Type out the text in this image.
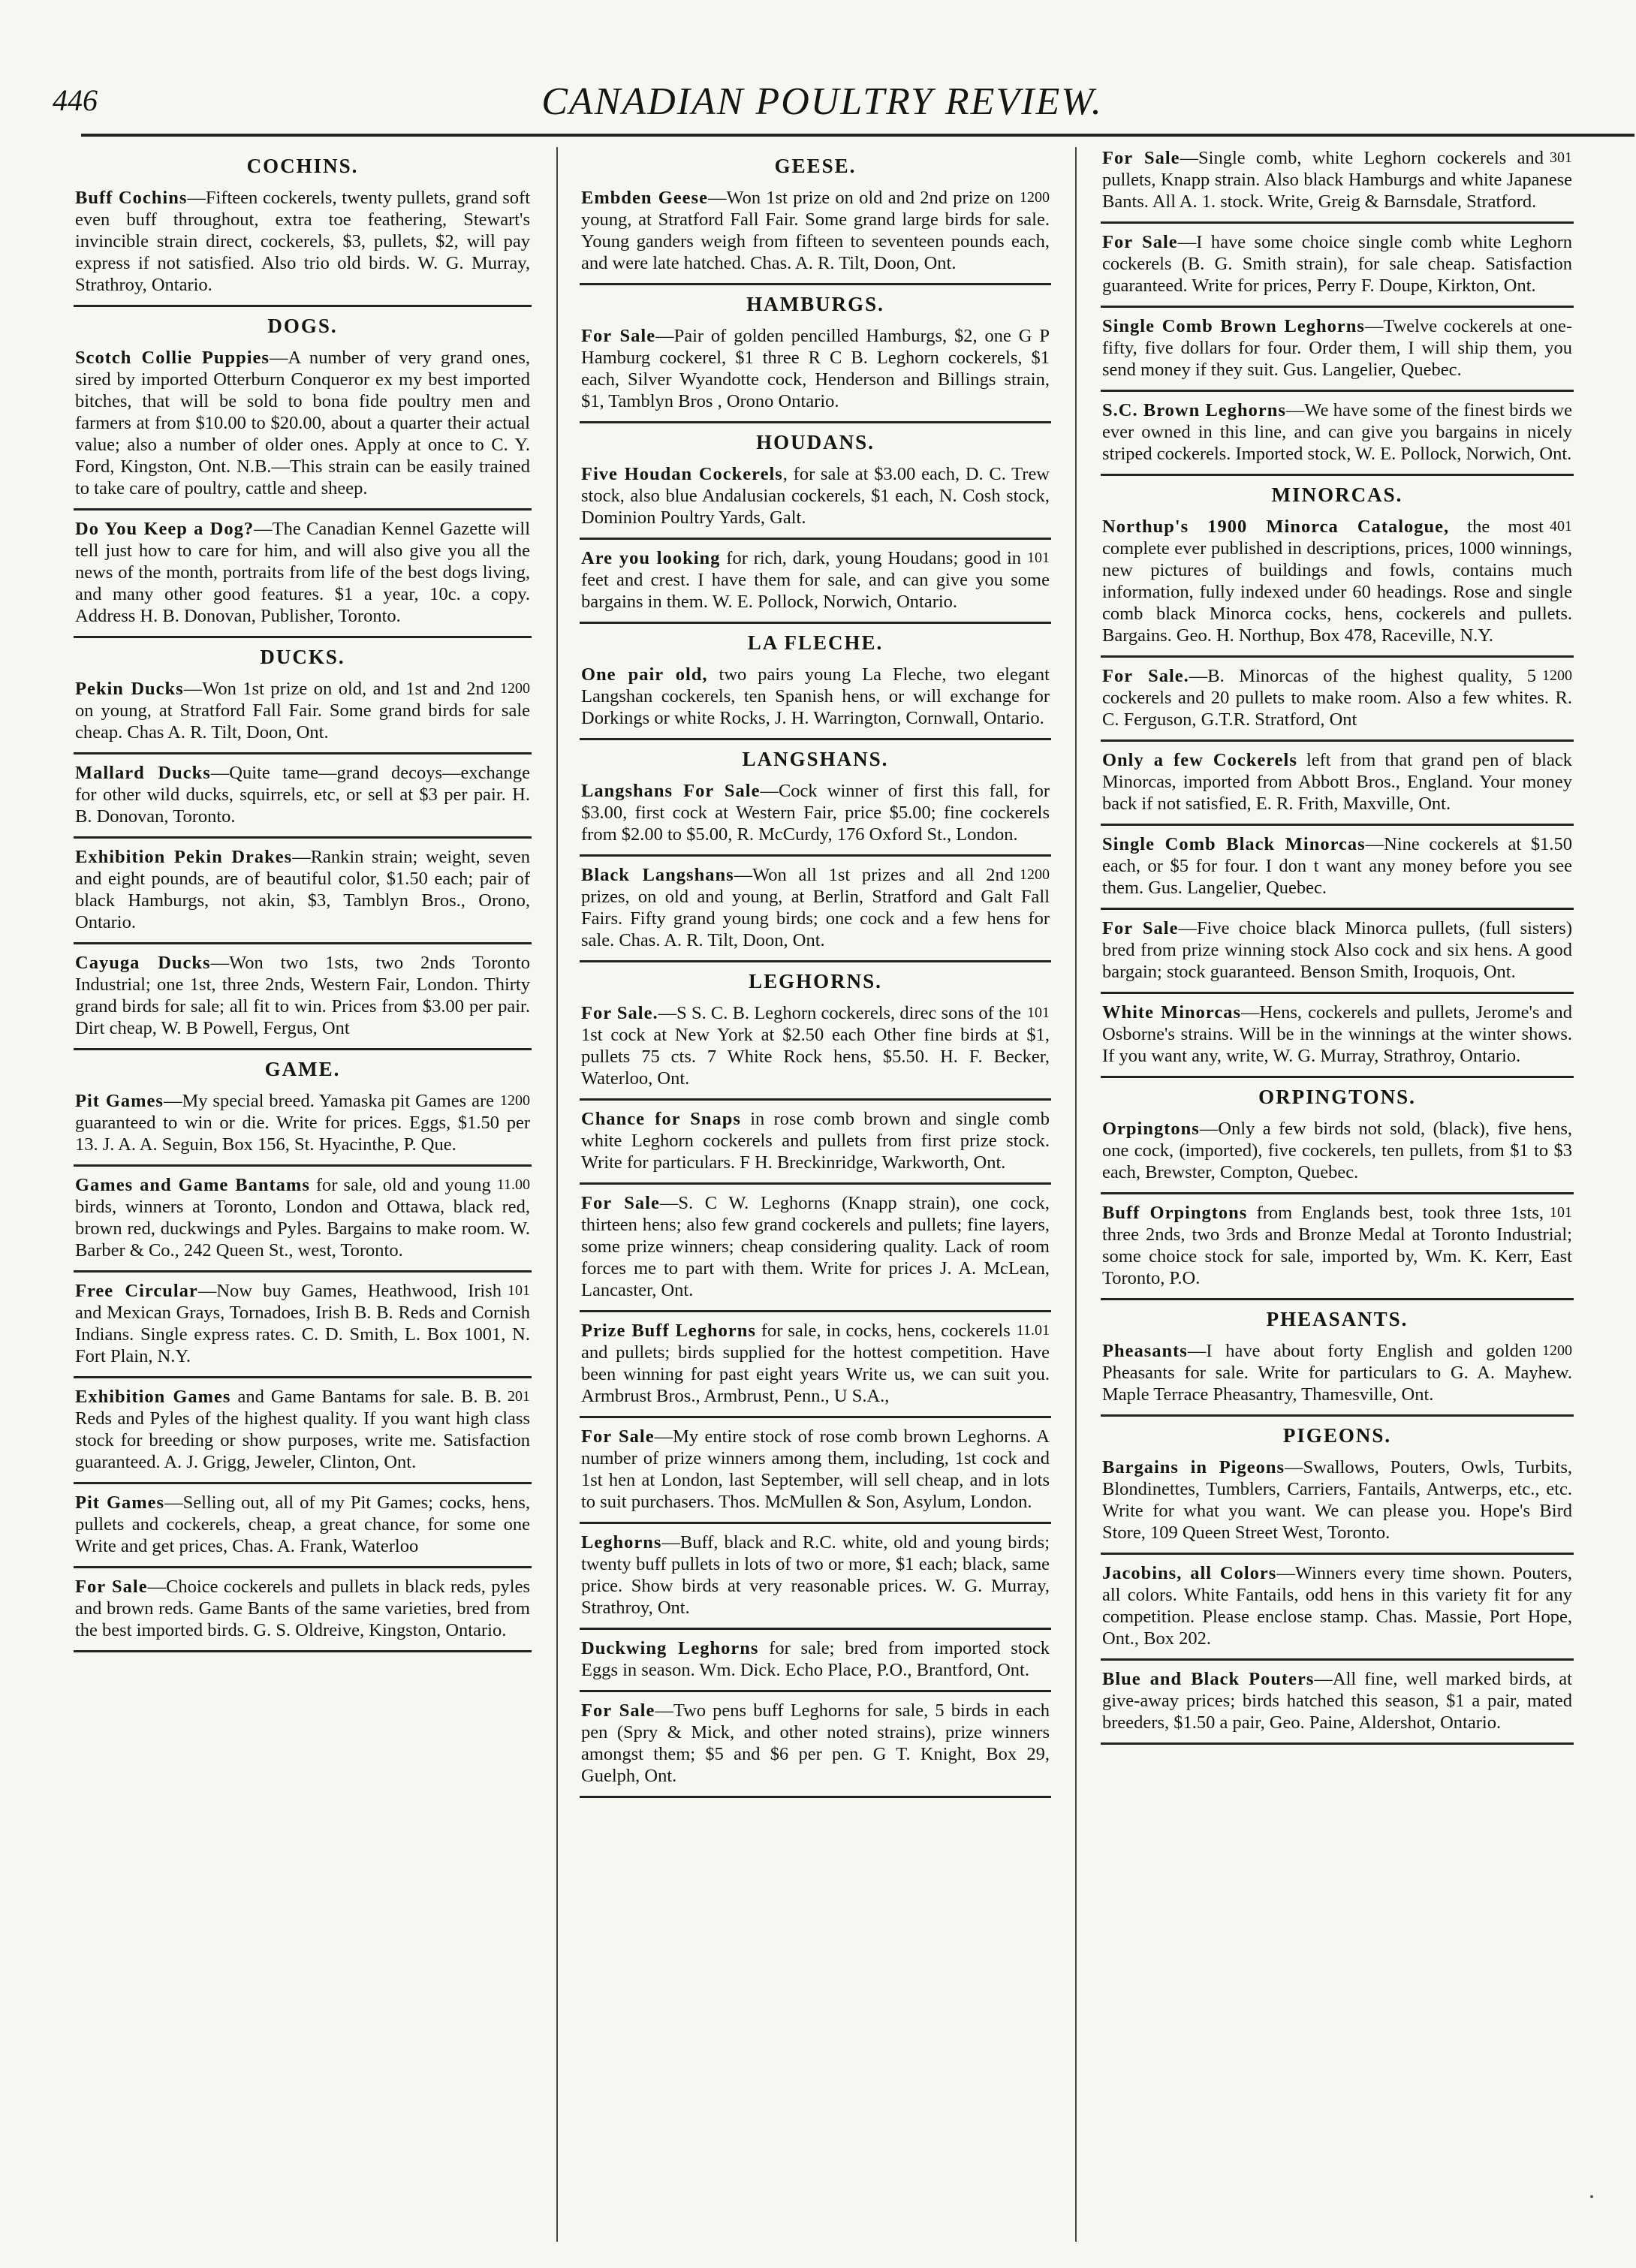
446	CANADIAN POULTRY REVIEW.
COCHINS.
Buff Cochins—Fifteen cockerels, twenty pullets, grand soft even buff throughout, extra toe feathering, Stewart's invincible strain direct, cockerels, $3, pullets, $2, will pay express if not satisfied. Also trio old birds. W. G. Murray, Strathroy, Ontario.
DOGS.
Scotch Collie Puppies—A number of very grand ones, sired by imported Otterburn Conqueror ex my best imported bitches, that will be sold to bona fide poultry men and farmers at from $10.00 to $20.00, about a quarter their actual value; also a number of older ones. Apply at once to C. Y. Ford, Kingston, Ont. N.B.—This strain can be easily trained to take care of poultry, cattle and sheep.
Do You Keep a Dog?—The Canadian Kennel Gazette will tell just how to care for him, and will also give you all the news of the month, portraits from life of the best dogs living, and many other good features. $1 a year, 10c. a copy. Address H. B. Donovan, Publisher, Toronto.
DUCKS.
1200
Pekin Ducks—Won 1st prize on old, and 1st and 2nd on young, at Stratford Fall Fair. Some grand birds for sale cheap. Chas A. R. Tilt, Doon, Ont.
Mallard Ducks—Quite tame—grand decoys—exchange for other wild ducks, squirrels, etc, or sell at $3 per pair. H. B. Donovan, Toronto.
Exhibition Pekin Drakes—Rankin strain; weight, seven and eight pounds, are of beautiful color, $1.50 each; pair of black Hamburgs, not akin, $3, Tamblyn Bros., Orono, Ontario.
Cayuga Ducks—Won two 1sts, two 2nds Toronto Industrial; one 1st, three 2nds, Western Fair, London. Thirty grand birds for sale; all fit to win. Prices from $3.00 per pair. Dirt cheap, W. B Powell, Fergus, Ont
GAME.
1200
Pit Games—My special breed. Yamaska pit Games are guaranteed to win or die. Write for prices. Eggs, $1.50 per 13. J. A. A. Seguin, Box 156, St. Hyacinthe, P. Que.
11.00
Games and Game Bantams for sale, old and young birds, winners at Toronto, London and Ottawa, black red, brown red, duckwings and Pyles. Bargains to make room. W. Barber & Co., 242 Queen St., west, Toronto.
101
Free Circular—Now buy Games, Heathwood, Irish and Mexican Grays, Tornadoes, Irish B. B. Reds and Cornish Indians. Single express rates. C. D. Smith, L. Box 1001, N. Fort Plain, N.Y.
201
Exhibition Games and Game Bantams for sale. B. B. Reds and Pyles of the highest quality. If you want high class stock for breeding or show purposes, write me. Satisfaction guaranteed. A. J. Grigg, Jeweler, Clinton, Ont.
Pit Games—Selling out, all of my Pit Games; cocks, hens, pullets and cockerels, cheap, a great chance, for some one Write and get prices, Chas. A. Frank, Waterloo
For Sale—Choice cockerels and pullets in black reds, pyles and brown reds. Game Bants of the same varieties, bred from the best imported birds. G. S. Oldreive, Kingston, Ontario.
GEESE.
1200
Embden Geese—Won 1st prize on old and 2nd prize on young, at Stratford Fall Fair. Some grand large birds for sale. Young ganders weigh from fifteen to seventeen pounds each, and were late hatched. Chas. A. R. Tilt, Doon, Ont.
HAMBURGS.
For Sale—Pair of golden pencilled Hamburgs, $2, one G P Hamburg cockerel, $1 three R C B. Leghorn cockerels, $1 each, Silver Wyandotte cock, Henderson and Billings strain, $1, Tamblyn Bros , Orono Ontario.
HOUDANS.
Five Houdan Cockerels, for sale at $3.00 each, D. C. Trew stock, also blue Andalusian cockerels, $1 each, N. Cosh stock, Dominion Poultry Yards, Galt.
101
Are you looking for rich, dark, young Houdans; good in feet and crest. I have them for sale, and can give you some bargains in them. W. E. Pollock, Norwich, Ontario.
LA FLECHE.
One pair old, two pairs young La Fleche, two elegant Langshan cockerels, ten Spanish hens, or will exchange for Dorkings or white Rocks, J. H. Warrington, Cornwall, Ontario.
LANGSHANS.
Langshans For Sale—Cock winner of first this fall, for $3.00, first cock at Western Fair, price $5.00; fine cockerels from $2.00 to $5.00, R. McCurdy, 176 Oxford St., London.
1200
Black Langshans—Won all 1st prizes and all 2nd prizes, on old and young, at Berlin, Stratford and Galt Fall Fairs. Fifty grand young birds; one cock and a few hens for sale. Chas. A. R. Tilt, Doon, Ont.
LEGHORNS.
101
For Sale.—S S. C. B. Leghorn cockerels, direc sons of the 1st cock at New York at $2.50 each Other fine birds at $1, pullets 75 cts. 7 White Rock hens, $5.50. H. F. Becker, Waterloo, Ont.
Chance for Snaps in rose comb brown and single comb white Leghorn cockerels and pullets from first prize stock. Write for particulars. F H. Breckinridge, Warkworth, Ont.
For Sale—S. C W. Leghorns (Knapp strain), one cock, thirteen hens; also few grand cockerels and pullets; fine layers, some prize winners; cheap considering quality. Lack of room forces me to part with them. Write for prices J. A. McLean, Lancaster, Ont.
11.01
Prize Buff Leghorns for sale, in cocks, hens, cockerels and pullets; birds supplied for the hottest competition. Have been winning for past eight years Write us, we can suit you. Armbrust Bros., Armbrust, Penn., U S.A.,
For Sale—My entire stock of rose comb brown Leghorns. A number of prize winners among them, including, 1st cock and 1st hen at London, last September, will sell cheap, and in lots to suit purchasers. Thos. McMullen & Son, Asylum, London.
Leghorns—Buff, black and R.C. white, old and young birds; twenty buff pullets in lots of two or more, $1 each; black, same price. Show birds at very reasonable prices. W. G. Murray, Strathroy, Ont.
Duckwing Leghorns for sale; bred from imported stock Eggs in season. Wm. Dick. Echo Place, P.O., Brantford, Ont.
For Sale—Two pens buff Leghorns for sale, 5 birds in each pen (Spry & Mick, and other noted strains), prize winners amongst them; $5 and $6 per pen. G T. Knight, Box 29, Guelph, Ont.
301
For Sale—Single comb, white Leghorn cockerels and pullets, Knapp strain. Also black Hamburgs and white Japanese Bants. All A. 1. stock. Write, Greig & Barnsdale, Stratford.
For Sale—I have some choice single comb white Leghorn cockerels (B. G. Smith strain), for sale cheap. Satisfaction guaranteed. Write for prices, Perry F. Doupe, Kirkton, Ont.
Single Comb Brown Leghorns—Twelve cockerels at one-fifty, five dollars for four. Order them, I will ship them, you send money if they suit. Gus. Langelier, Quebec.
S.C. Brown Leghorns—We have some of the finest birds we ever owned in this line, and can give you bargains in nicely striped cockerels. Imported stock, W. E. Pollock, Norwich, Ont.
MINORCAS.
401
Northup's 1900 Minorca Catalogue, the most complete ever published in descriptions, prices, 1000 winnings, new pictures of buildings and fowls, contains much information, fully indexed under 60 headings. Rose and single comb black Minorca cocks, hens, cockerels and pullets. Bargains. Geo. H. Northup, Box 478, Raceville, N.Y.
1200
For Sale.—B. Minorcas of the highest quality, 5 cockerels and 20 pullets to make room. Also a few whites. R. C. Ferguson, G.T.R. Stratford, Ont
Only a few Cockerels left from that grand pen of black Minorcas, imported from Abbott Bros., England. Your money back if not satisfied, E. R. Frith, Maxville, Ont.
Single Comb Black Minorcas—Nine cockerels at $1.50 each, or $5 for four. I don t want any money before you see them. Gus. Langelier, Quebec.
For Sale—Five choice black Minorca pullets, (full sisters) bred from prize winning stock Also cock and six hens. A good bargain; stock guaranteed. Benson Smith, Iroquois, Ont.
White Minorcas—Hens, cockerels and pullets, Jerome's and Osborne's strains. Will be in the winnings at the winter shows. If you want any, write, W. G. Murray, Strathroy, Ontario.
ORPINGTONS.
Orpingtons—Only a few birds not sold, (black), five hens, one cock, (imported), five cockerels, ten pullets, from $1 to $3 each, Brewster, Compton, Quebec.
101
Buff Orpingtons from Englands best, took three 1sts, three 2nds, two 3rds and Bronze Medal at Toronto Industrial; some choice stock for sale, imported by, Wm. K. Kerr, East Toronto, P.O.
PHEASANTS.
1200
Pheasants—I have about forty English and golden Pheasants for sale. Write for particulars to G. A. Mayhew. Maple Terrace Pheasantry, Thamesville, Ont.
PIGEONS.
Bargains in Pigeons—Swallows, Pouters, Owls, Turbits, Blondinettes, Tumblers, Carriers, Fantails, Antwerps, etc., etc. Write for what you want. We can please you. Hope's Bird Store, 109 Queen Street West, Toronto.
Jacobins, all Colors—Winners every time shown. Pouters, all colors. White Fantails, odd hens in this variety fit for any competition. Please enclose stamp. Chas. Massie, Port Hope, Ont., Box 202.
Blue and Black Pouters—All fine, well marked birds, at give-away prices; birds hatched this season, $1 a pair, mated breeders, $1.50 a pair, Geo. Paine, Aldershot, Ontario.
